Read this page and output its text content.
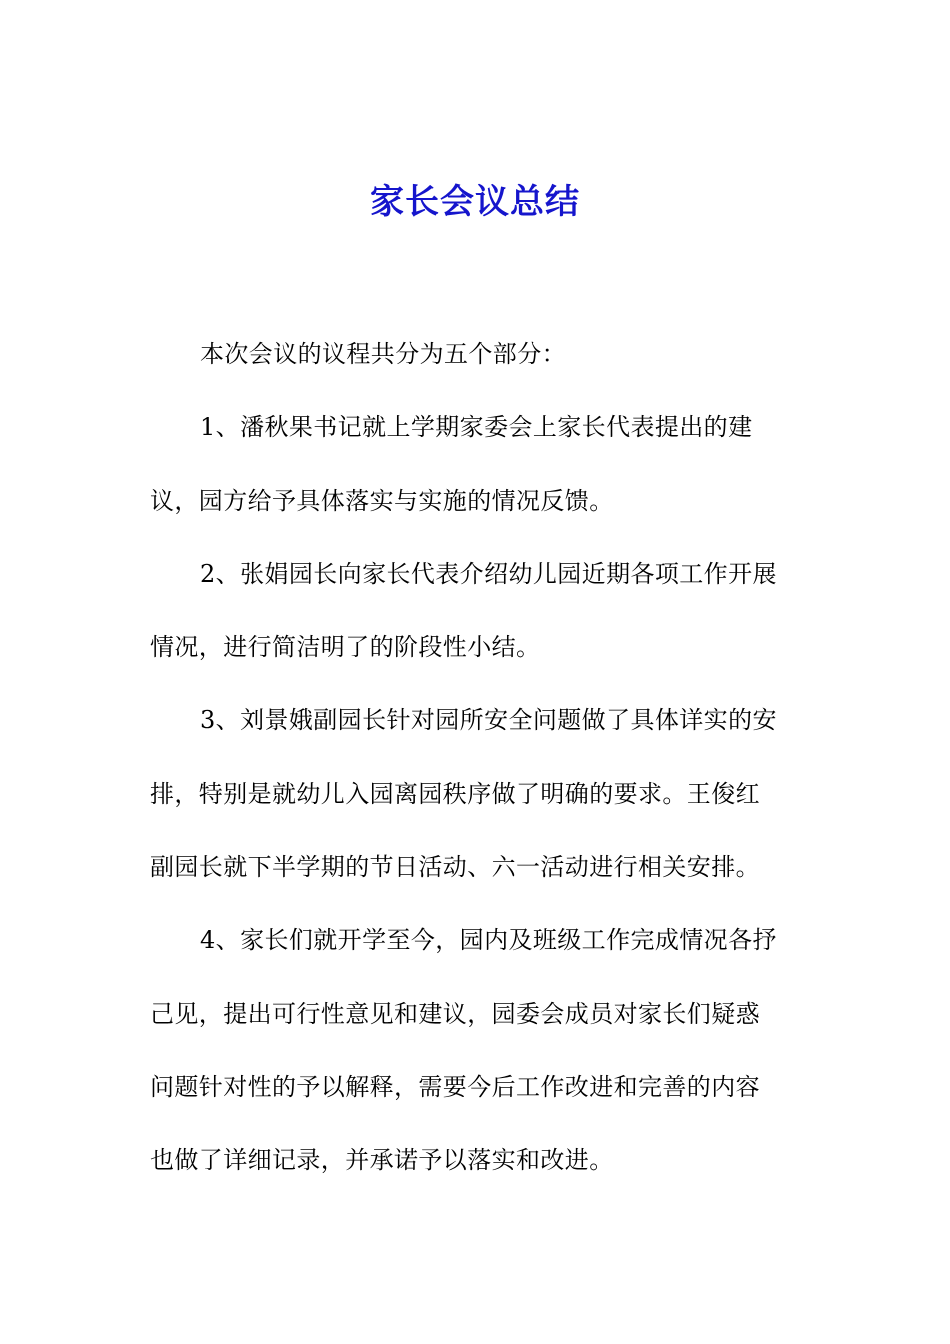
家长会议总结
本次会议的议程共分为五个部分：
1、潘秋果书记就上学期家委会上家长代表提出的建
议，园方给予具体落实与实施的情况反馈。
2、张娟园长向家长代表介绍幼儿园近期各项工作开展
情况，进行简洁明了的阶段性小结。
3、刘景娥副园长针对园所安全问题做了具体详实的安
排，特别是就幼儿入园离园秩序做了明确的要求。王俊红
副园长就下半学期的节日活动、六一活动进行相关安排。
4、家长们就开学至今，园内及班级工作完成情况各抒
己见，提出可行性意见和建议，园委会成员对家长们疑惑
问题针对性的予以解释，需要今后工作改进和完善的内容
也做了详细记录，并承诺予以落实和改进。
